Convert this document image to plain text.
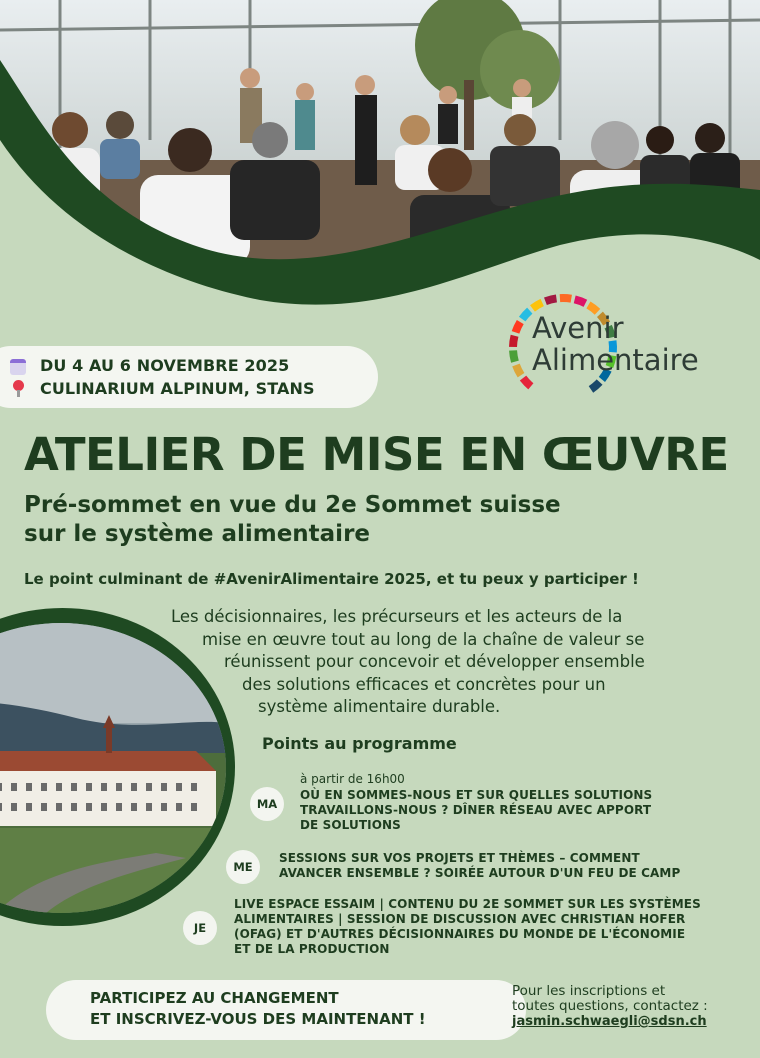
DU 4 AU 6 NOVEMBRE 2025
CULINARIUM ALPINUM, STANS
Avenir
Alimentaire
ATELIER DE MISE EN ŒUVRE
Pré-sommet en vue du 2e Sommet suisse
sur le système alimentaire
Le point culminant de #AvenirAlimentaire 2025, et tu peux y participer !
Les décisionnaires, les précurseurs et les acteurs de la
mise en œuvre tout au long de la chaîne de valeur se
réunissent pour concevoir et développer ensemble
des solutions efficaces et concrètes pour un
système alimentaire durable.
Points au programme
MA
à partir de 16h00
OÙ EN SOMMES-NOUS ET SUR QUELLES SOLUTIONS
TRAVAILLONS-NOUS ? DÎNER RÉSEAU AVEC APPORT
DE SOLUTIONS
ME
SESSIONS SUR VOS PROJETS ET THÈMES – COMMENT
AVANCER ENSEMBLE ? SOIRÉE AUTOUR D'UN FEU DE CAMP
JE
LIVE ESPACE ESSAIM | CONTENU DU 2E SOMMET SUR LES SYSTÈMES
ALIMENTAIRES | SESSION DE DISCUSSION AVEC CHRISTIAN HOFER
(OFAG) ET D'AUTRES DÉCISIONNAIRES DU MONDE DE L'ÉCONOMIE
ET DE LA PRODUCTION
PARTICIPEZ AU CHANGEMENT
ET INSCRIVEZ-VOUS DES MAINTENANT !
Pour les inscriptions et
toutes questions, contactez :
jasmin.schwaegli@sdsn.ch
